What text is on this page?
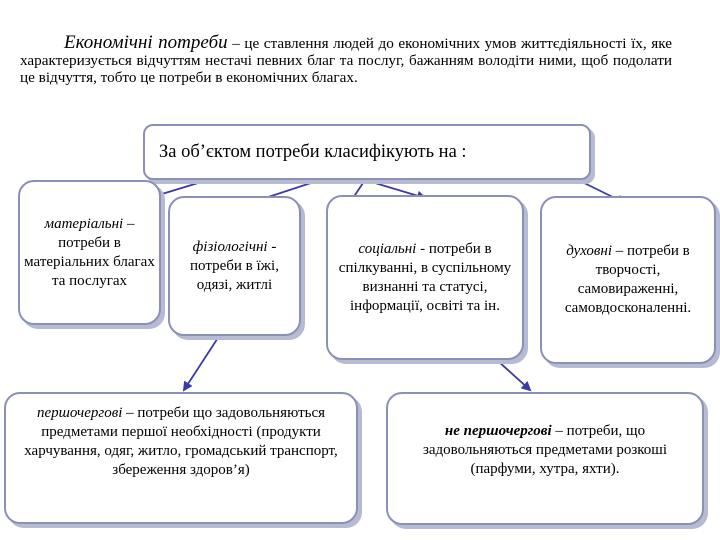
Економічні потреби – це ставлення людей до економічних умов життєдіяльності їх, яке характеризується відчуттям нестачі певних благ та послуг, бажанням володіти ними, щоб подолати це відчуття, тобто це потреби в економічних благах.
За об’єктом потреби класифікують на :
матеріальні – потреби в матеріальних благах та послугах
фізіологічні - потреби в їжі, одязі, житлі
соціальні - потреби в спілкуванні, в суспільному визнанні та статусі, інформації, освіті та ін.
духовні – потреби в творчості, самовираженні, самовдосконаленні.
першочергові – потреби що задовольняються предметами першої необхідності (продукти харчування, одяг, житло, громадський транспорт, збереження здоров’я)
не першочергові – потреби, що задовольняються предметами розкоші (парфуми, хутра, яхти).
